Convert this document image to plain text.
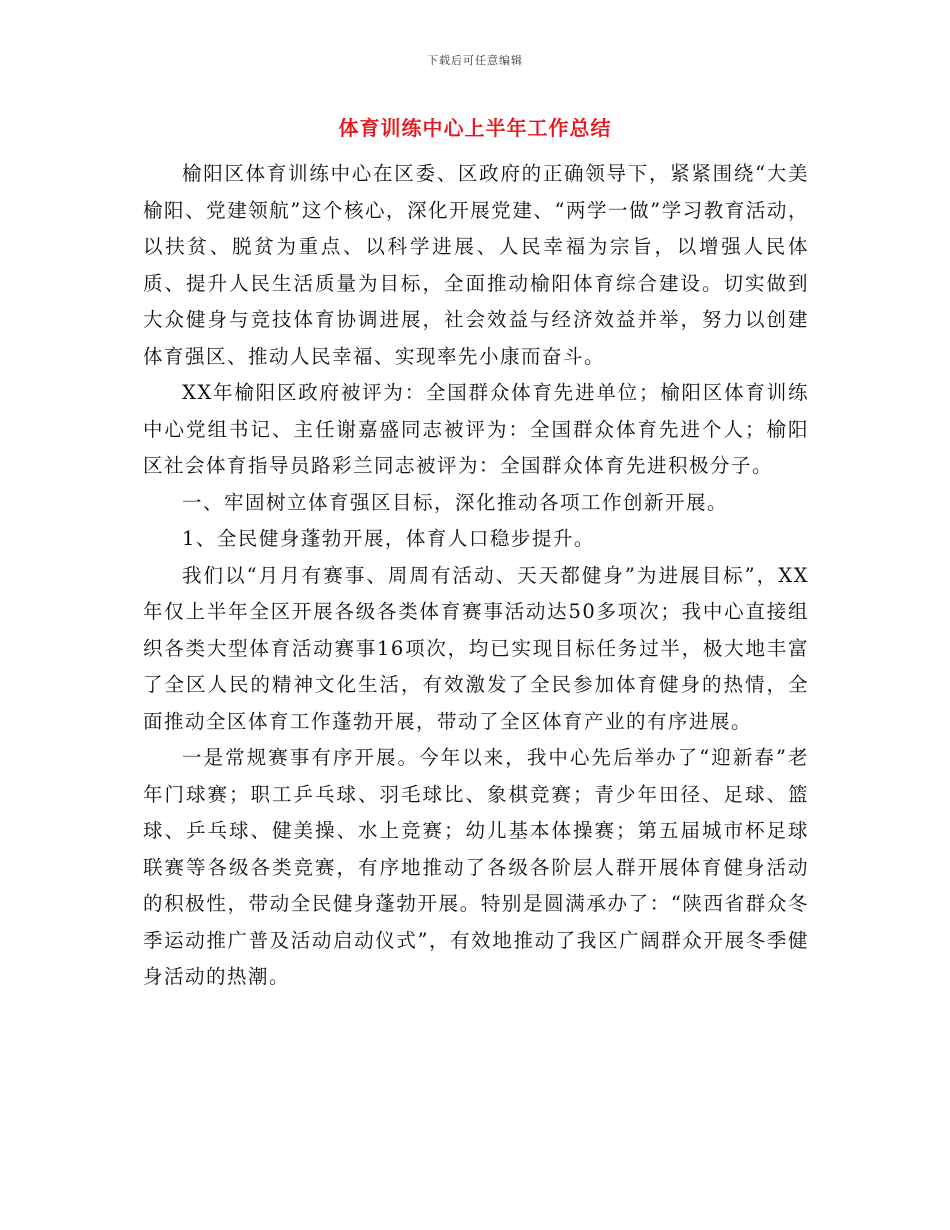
下载后可任意编辑
体育训练中心上半年工作总结

榆阳区体育训练中心在区委、区政府的正确领导下，紧紧围绕“大美榆阳、党建领航”这个核心，深化开展党建、“两学一做”学习教育活动，以扶贫、脱贫为重点、以科学进展、人民幸福为宗旨，以增强人民体质、提升人民生活质量为目标，全面推动榆阳体育综合建设。切实做到大众健身与竞技体育协调进展，社会效益与经济效益并举，努力以创建体育强区、推动人民幸福、实现率先小康而奋斗。

XX年榆阳区政府被评为：全国群众体育先进单位；榆阳区体育训练中心党组书记、主任谢嘉盛同志被评为：全国群众体育先进个人；榆阳区社会体育指导员路彩兰同志被评为：全国群众体育先进积极分子。

一、牢固树立体育强区目标，深化推动各项工作创新开展。

1、全民健身蓬勃开展，体育人口稳步提升。

我们以“月月有赛事、周周有活动、天天都健身”为进展目标”，XX年仅上半年全区开展各级各类体育赛事活动达50多项次；我中心直接组织各类大型体育活动赛事16项次，均已实现目标任务过半，极大地丰富了全区人民的精神文化生活，有效激发了全民参加体育健身的热情，全面推动全区体育工作蓬勃开展，带动了全区体育产业的有序进展。

一是常规赛事有序开展。今年以来，我中心先后举办了“迎新春”老年门球赛；职工乒乓球、羽毛球比、象棋竞赛；青少年田径、足球、篮球、乒乓球、健美操、水上竞赛；幼儿基本体操赛；第五届城市杯足球联赛等各级各类竞赛，有序地推动了各级各阶层人群开展体育健身活动的积极性，带动全民健身蓬勃开展。特别是圆满承办了：“陕西省群众冬季运动推广普及活动启动仪式”，有效地推动了我区广阔群众开展冬季健身活动的热潮。
